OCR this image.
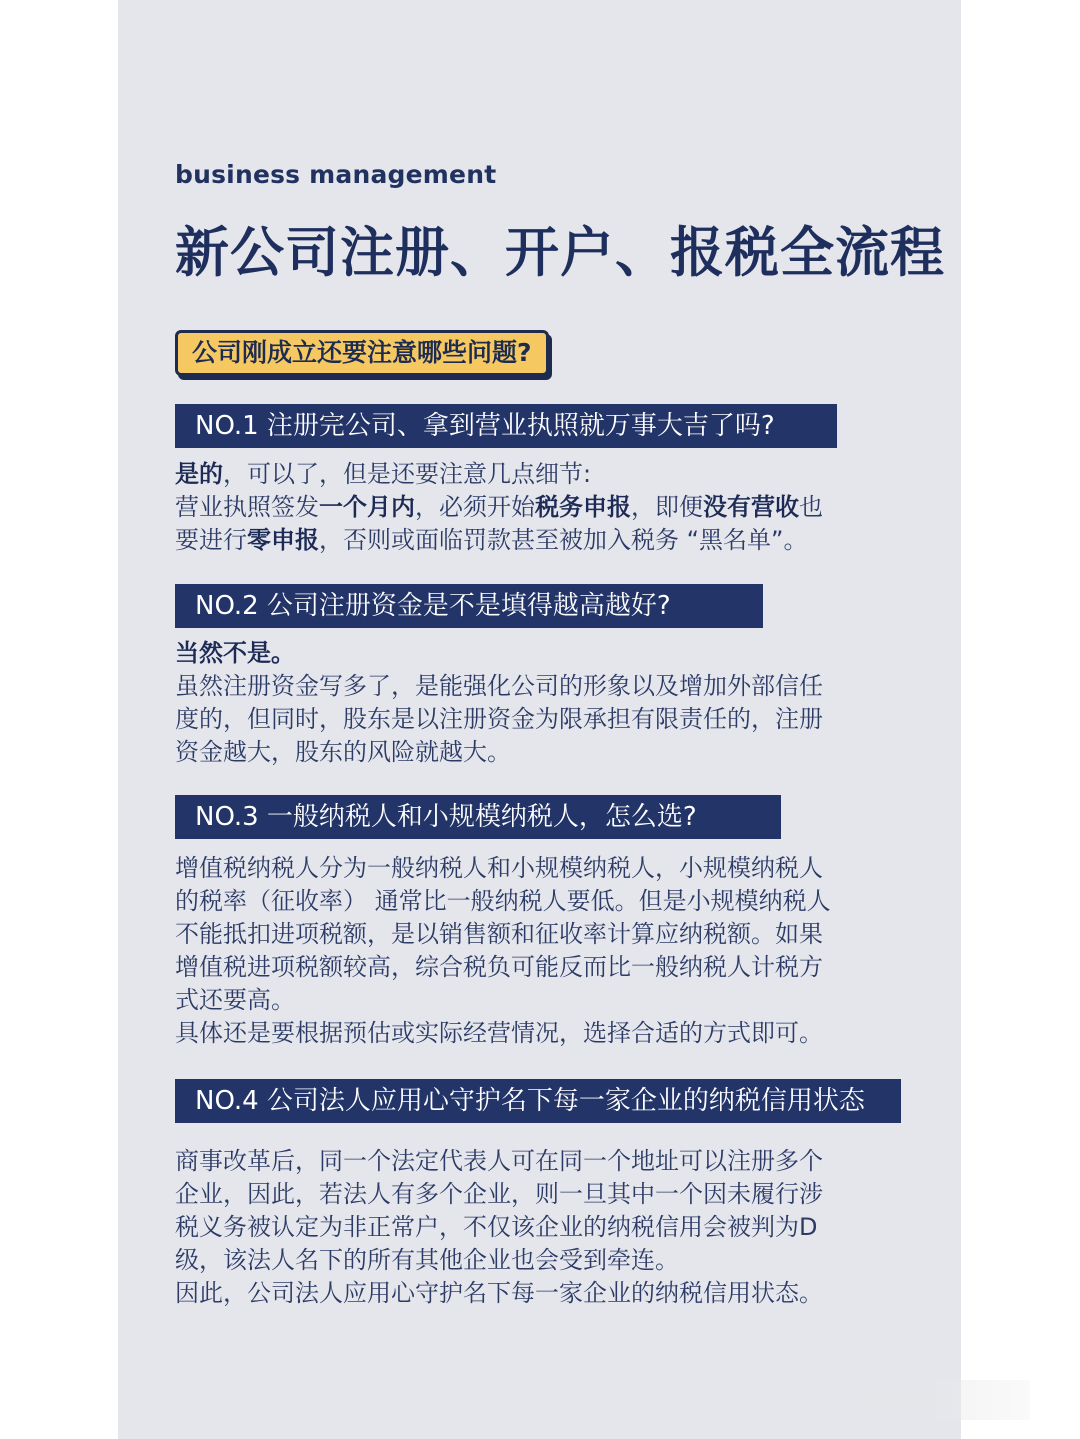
business management
新公司注册、开户、报税全流程
公司刚成立还要注意哪些问题?
NO.1 注册完公司、拿到营业执照就万事大吉了吗?

是的，可以了，但是还要注意几点细节:

营业执照签发一个月内，必须开始税务申报，即便没有营收也

要进行零申报，否则或面临罚款甚至被加入税务 “黑名单”。

NO.2 公司注册资金是不是填得越高越好?

当然不是。

虽然注册资金写多了，是能强化公司的形象以及增加外部信任

度的，但同时，股东是以注册资金为限承担有限责任的，注册

资金越大，股东的风险就越大。

NO.3 一般纳税人和小规模纳税人，怎么选?

增值税纳税人分为一般纳税人和小规模纳税人，小规模纳税人

的税率（征收率） 通常比一般纳税人要低。但是小规模纳税人

不能抵扣进项税额，是以销售额和征收率计算应纳税额。如果

增值税进项税额较高，综合税负可能反而比一般纳税人计税方

式还要高。

具体还是要根据预估或实际经营情况，选择合适的方式即可。

NO.4 公司法人应用心守护名下每一家企业的纳税信用状态

商事改革后，同一个法定代表人可在同一个地址可以注册多个

企业，因此，若法人有多个企业，则一旦其中一个因未履行涉

税义务被认定为非正常户，不仅该企业的纳税信用会被判为D

级，该法人名下的所有其他企业也会受到牵连。

因此，公司法人应用心守护名下每一家企业的纳税信用状态。
